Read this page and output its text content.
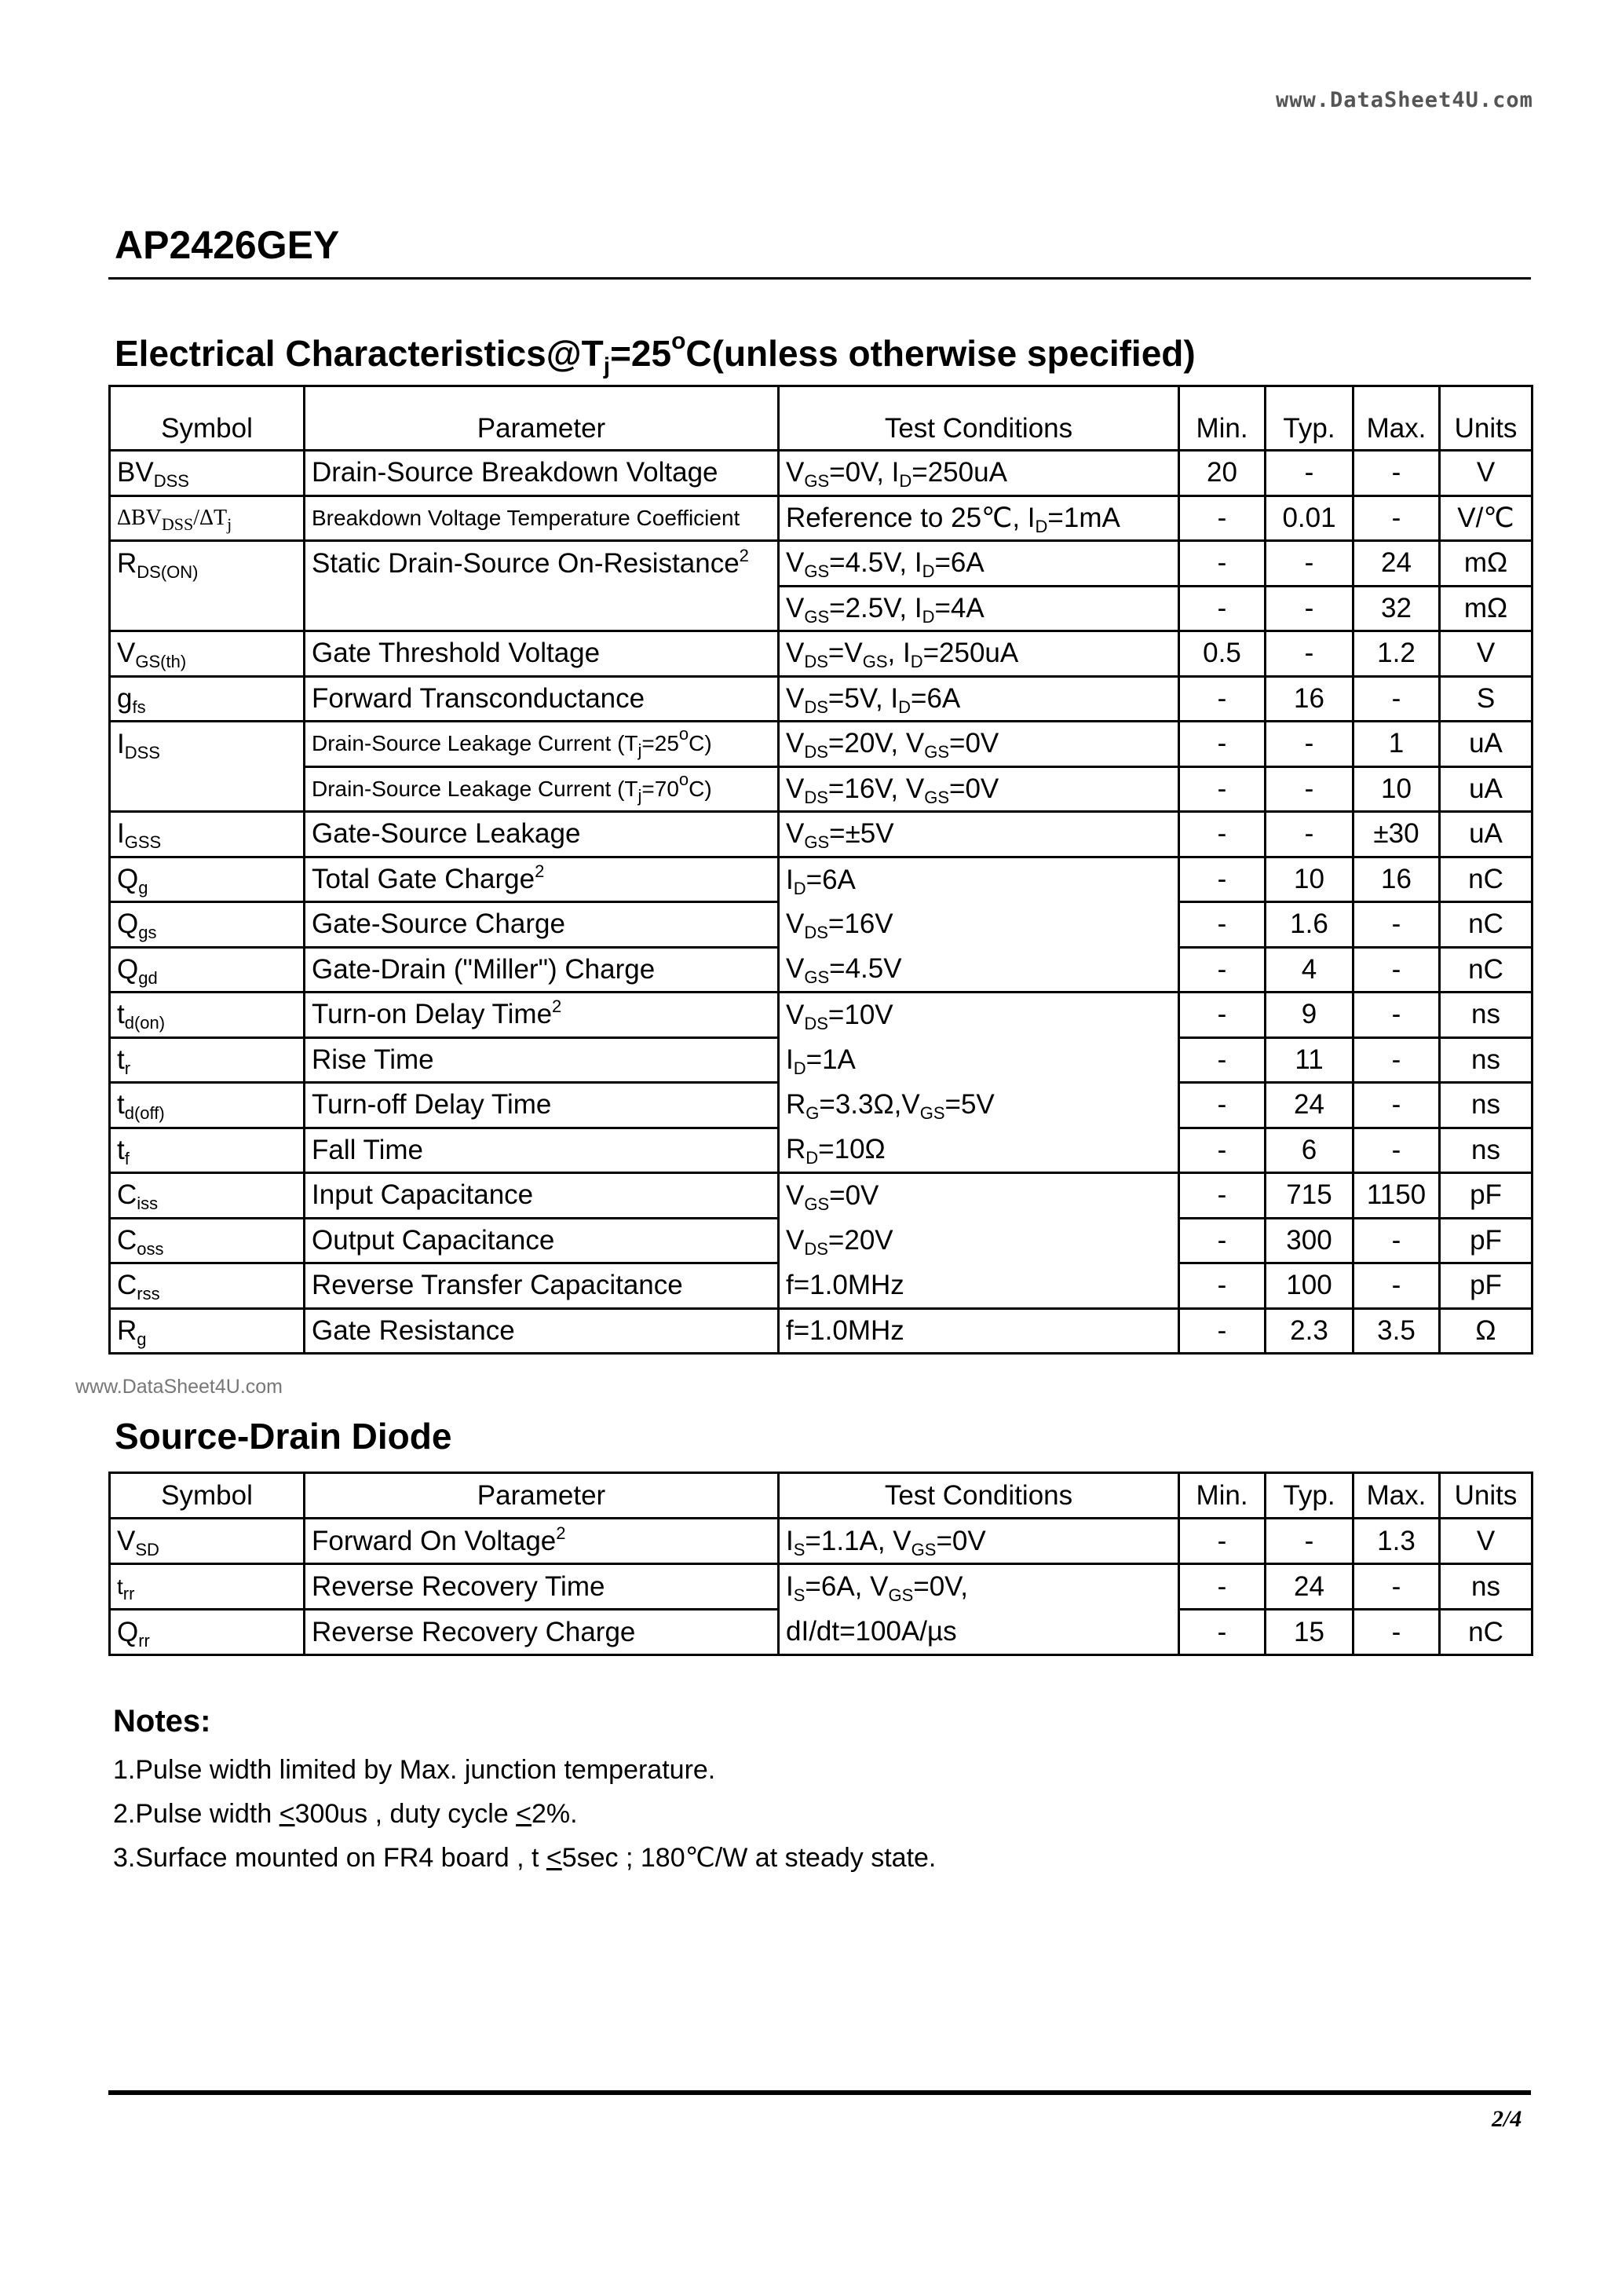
www.DataSheet4U.com
AP2426GEY
Electrical $Characteristics@T_j=25^oC(unless$ otherwise specified)
Symbol	Parameter	Test Conditions	Min.	Typ.	Max.	Units
$BV_{DSS}$	Drain-Source Breakdown Voltage	$V_{GS}=0V$, $I_D=250uA$	20	-	-	V
$\Delta BV_{DSS}/\Delta T_j$	Breakdown Voltage Temperature Coefficient	Reference to 25℃, $I_D=1mA$	-	0.01	-	V/℃
$R_{DS(ON)}$	Static Drain-Source On-Resistance$^2$	$V_{GS}=4.5V$, $I_D=6A$	-	-	24	mΩ
		$V_{GS}=2.5V$, $I_D=4A$	-	-	32	mΩ
$V_{GS(th)}$	Gate Threshold Voltage	$V_{DS}=V_{GS}$, $I_D=250uA$	0.5	-	1.2	V
$g_{fs}$	Forward Transconductance	$V_{DS}=5V$, $I_D=6A$	-	16	-	S
$I_{DSS}$	Drain-Source Leakage Current $(T_j=25^oC)$	$V_{DS}=20V$, $V_{GS}=0V$	-	-	1	uA
	Drain-Source Leakage Current $(T_j=70^oC)$	$V_{DS}=16V$, $V_{GS}=0V$	-	-	10	uA
$I_{GSS}$	Gate-Source Leakage	$V_{GS}=\pm 5V$	-	-	±30	uA
$Q_g$	Total Gate Charge$^2$	$I_D=6A$	-	10	16	nC
$Q_{gs}$	Gate-Source Charge	$V_{DS}=16V$	-	1.6	-	nC
$Q_{gd}$	Gate-Drain ("Miller") Charge	$V_{GS}=4.5V$	-	4	-	nC
$t_{d(on)}$	Turn-on Delay Time$^2$	$V_{DS}=10V$	-	9	-	ns
$t_r$	Rise Time	$I_D=1A$	-	11	-	ns
$t_{d(off)}$	Turn-off Delay Time	$R_G=3.3\Omega,V_{GS}=5V$	-	24	-	ns
$t_f$	Fall Time	$R_D=10\Omega$	-	6	-	ns
$C_{iss}$	Input Capacitance	$V_{GS}=0V$	-	715	1150	pF
$C_{oss}$	Output Capacitance	$V_{DS}=20V$	-	300	-	pF
$C_{rss}$	Reverse Transfer Capacitance	f=1.0MHz	-	100	-	pF
$R_g$	Gate Resistance	f=1.0MHz	-	2.3	3.5	Ω
www.DataSheet4U.com
Source-Drain Diode
Symbol	Parameter	Test Conditions	Min.	Typ.	Max.	Units
$V_{SD}$	Forward On Voltage$^2$	$I_S=1.1A$, $V_{GS}=0V$	-	-	1.3	V
$t_{rr}$	Reverse Recovery Time	$I_S=6A$, $V_{GS}=0V$,	-	24	-	ns
$Q_{rr}$	Reverse Recovery Charge	dI/dt=100A/µs	-	15	-	nC
Notes:
1.Pulse width limited by Max. junction temperature.
2.Pulse width <300us , duty cycle <2%.
3.Surface mounted on FR4 board , t <5sec ; 180℃/W at steady state.
2/4
